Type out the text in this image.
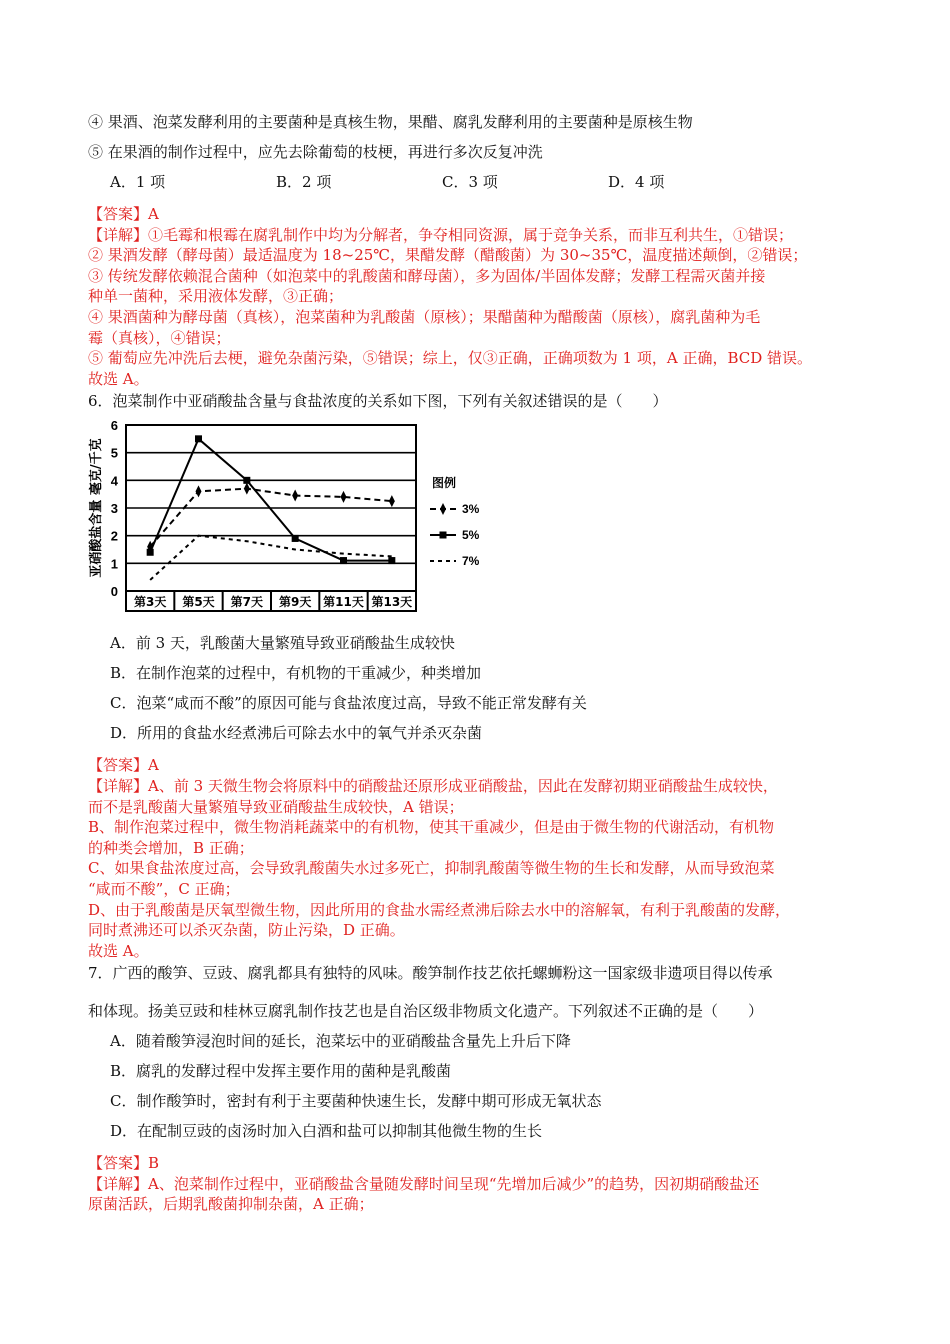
④ 果酒、泡菜发酵利用的主要菌种是真核生物，果醋、腐乳发酵利用的主要菌种是原核生物
⑤ 在果酒的制作过程中，应先去除葡萄的枝梗，再进行多次反复冲洗
A．1 项	B．2 项	C．3 项	D．4 项
【答案】A
【详解】①毛霉和根霉在腐乳制作中均为分解者，争夺相同资源，属于竞争关系，而非互利共生，①错误；
② 果酒发酵（酵母菌）最适温度为 18~25℃，果醋发酵（醋酸菌）为 30~35℃，温度描述颠倒，②错误；
③ 传统发酵依赖混合菌种（如泡菜中的乳酸菌和酵母菌），多为固体/半固体发酵；发酵工程需灭菌并接
种单一菌种，采用液体发酵，③正确；
④ 果酒菌种为酵母菌（真核），泡菜菌种为乳酸菌（原核）；果醋菌种为醋酸菌（原核），腐乳菌种为毛
霉（真核），④错误；
⑤ 葡萄应先冲洗后去梗，避免杂菌污染，⑤错误；综上，仅③正确，正确项数为 1 项，A 正确，BCD 错误。
故选 A。
6．泡菜制作中亚硝酸盐含量与食盐浓度的关系如下图，下列有关叙述错误的是（　　）
0
1
2
3
4
5
6
亚硝酸盐含量 毫克/千克
第3天 第5天 第7天 第9天 第11天 第13天
图例
3%
5%
7%
A．前 3 天，乳酸菌大量繁殖导致亚硝酸盐生成较快
B．在制作泡菜的过程中，有机物的干重减少，种类增加
C．泡菜“咸而不酸”的原因可能与食盐浓度过高，导致不能正常发酵有关
D．所用的食盐水经煮沸后可除去水中的氧气并杀灭杂菌
【答案】A
【详解】A、前 3 天微生物会将原料中的硝酸盐还原形成亚硝酸盐，因此在发酵初期亚硝酸盐生成较快，
而不是乳酸菌大量繁殖导致亚硝酸盐生成较快，A 错误；
B、制作泡菜过程中，微生物消耗蔬菜中的有机物，使其干重减少，但是由于微生物的代谢活动，有机物
的种类会增加，B 正确；
C、如果食盐浓度过高，会导致乳酸菌失水过多死亡，抑制乳酸菌等微生物的生长和发酵，从而导致泡菜
“咸而不酸”，C 正确；
D、由于乳酸菌是厌氧型微生物，因此所用的食盐水需经煮沸后除去水中的溶解氧，有利于乳酸菌的发酵，
同时煮沸还可以杀灭杂菌，防止污染，D 正确。
故选 A。
7．广西的酸笋、豆豉、腐乳都具有独特的风味。酸笋制作技艺依托螺蛳粉这一国家级非遗项目得以传承
和体现。扬美豆豉和桂林豆腐乳制作技艺也是自治区级非物质文化遗产。下列叙述不正确的是（　　）
A．随着酸笋浸泡时间的延长，泡菜坛中的亚硝酸盐含量先上升后下降
B．腐乳的发酵过程中发挥主要作用的菌种是乳酸菌
C．制作酸笋时，密封有利于主要菌种快速生长，发酵中期可形成无氧状态
D．在配制豆豉的卤汤时加入白酒和盐可以抑制其他微生物的生长
【答案】B
【详解】A、泡菜制作过程中，亚硝酸盐含量随发酵时间呈现“先增加后减少”的趋势，因初期硝酸盐还
原菌活跃，后期乳酸菌抑制杂菌，A 正确；
